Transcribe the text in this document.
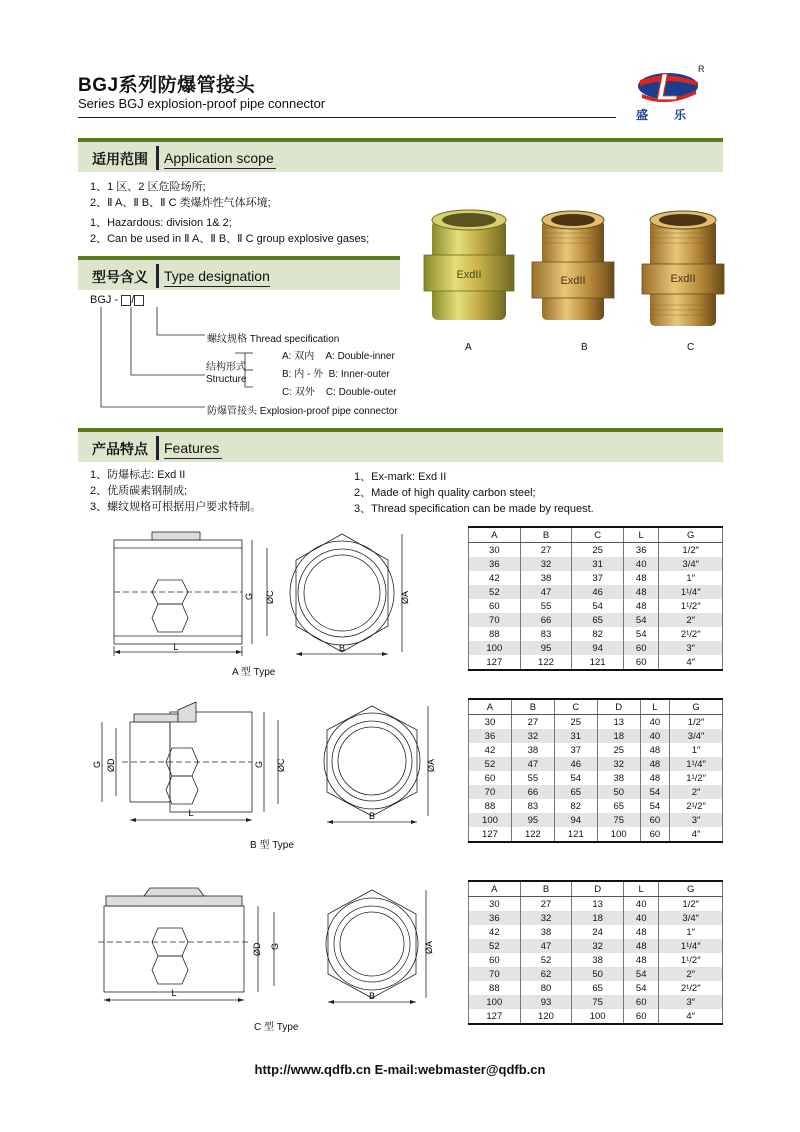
BGJ系列防爆管接头
Series BGJ explosion-proof pipe connector	L
盛 乐
R
适用范围 Application scope
1、1 区、2 区危险场所;
2、Ⅱ A、Ⅱ B、Ⅱ C 类爆炸性气体环境;
1、Hazardous: division 1& 2;
2、Can be used in Ⅱ A、Ⅱ B、Ⅱ C group explosive gases;
ExdII	ExdII	ExdII
A	B	C
型号含义 Type designation
BGJ - /
螺纹规格 Thread specification
结构形式
Structure
A: 双内    A: Double-inner
B: 内 - 外  B: Inner-outer
C: 双外    C: Double-outer
防爆管接头 Explosion-proof pipe connector
产品特点 Features
1、防爆标志: Exd II
2、优质碳素钢制成;
3、螺纹规格可根据用户要求特制。
1、Ex-mark: Exd II
2、Made of high quality carbon steel;
3、Thread specification can be made by request.
L	B
G ØC	ØA
A 型 Type
L	B
G ØD	G ØC	ØA
B 型 Type
L	B
ØD G	ØA
C 型 Type
A	B	C	L	G
30	27	25	36	1/2″
36	32	31	40	3/4″
42	38	37	48	1″
52	47	46	48	1¹/4″
60	55	54	48	1¹/2″
70	66	65	54	2″
88	83	82	54	2¹/2″
100	95	94	60	3″
127	122	121	60	4″
A	B	C	D	L	G
30	27	25	13	40	1/2″
36	32	31	18	40	3/4″
42	38	37	25	48	1″
52	47	46	32	48	1¹/4″
60	55	54	38	48	1¹/2″
70	66	65	50	54	2″
88	83	82	65	54	2¹/2″
100	95	94	75	60	3″
127	122	121	100	60	4″
A	B	D	L	G
30	27	13	40	1/2″
36	32	18	40	3/4″
42	38	24	48	1″
52	47	32	48	1¹/4″
60	52	38	48	1¹/2″
70	62	50	54	2″
88	80	65	54	2¹/2″
100	93	75	60	3″
127	120	100	60	4″
http://www.qdfb.cn E-mail:webmaster@qdfb.cn
